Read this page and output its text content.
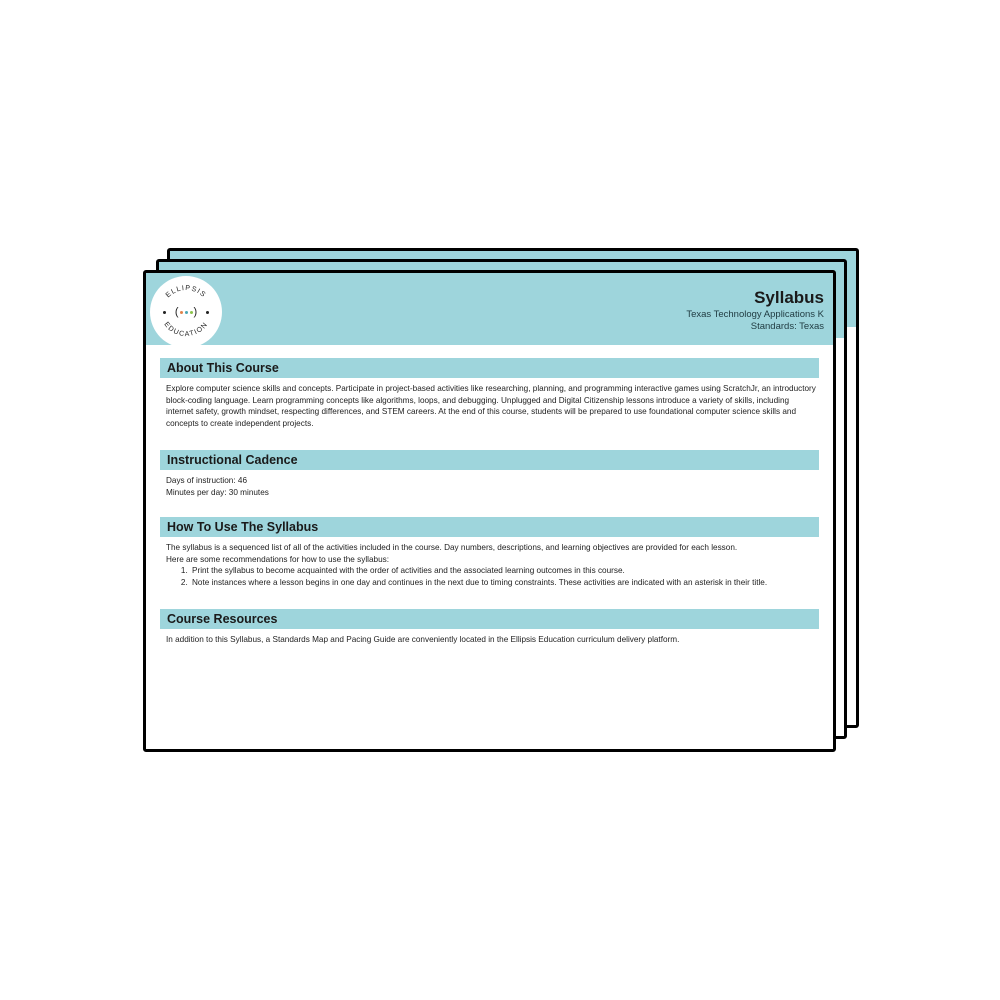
ELLIPSIS
EDUCATION
( )
Syllabus
Texas Technology Applications K
Standards: Texas
About This Course

Explore computer science skills and concepts. Participate in project-based activities like researching, planning, and programming interactive games using ScratchJr, an introductory block-coding language. Learn programming concepts like algorithms, loops, and debugging. Unplugged and Digital Citizenship lessons introduce a variety of skills, including internet safety, growth mindset, respecting differences, and STEM careers. At the end of this course, students will be prepared to use foundational computer science skills and concepts to create independent projects.

Instructional Cadence

Days of instruction: 46

Minutes per day: 30 minutes

How To Use The Syllabus

The syllabus is a sequenced list of all of the activities included in the course. Day numbers, descriptions, and learning objectives are provided for each lesson.

Here are some recommendations for how to use the syllabus:

1. Print the syllabus to become acquainted with the order of activities and the associated learning outcomes in this course.
2. Note instances where a lesson begins in one day and continues in the next due to timing constraints. These activities are indicated with an asterisk in their title.
Course Resources

In addition to this Syllabus, a Standards Map and Pacing Guide are conveniently located in the Ellipsis Education curriculum delivery platform.
